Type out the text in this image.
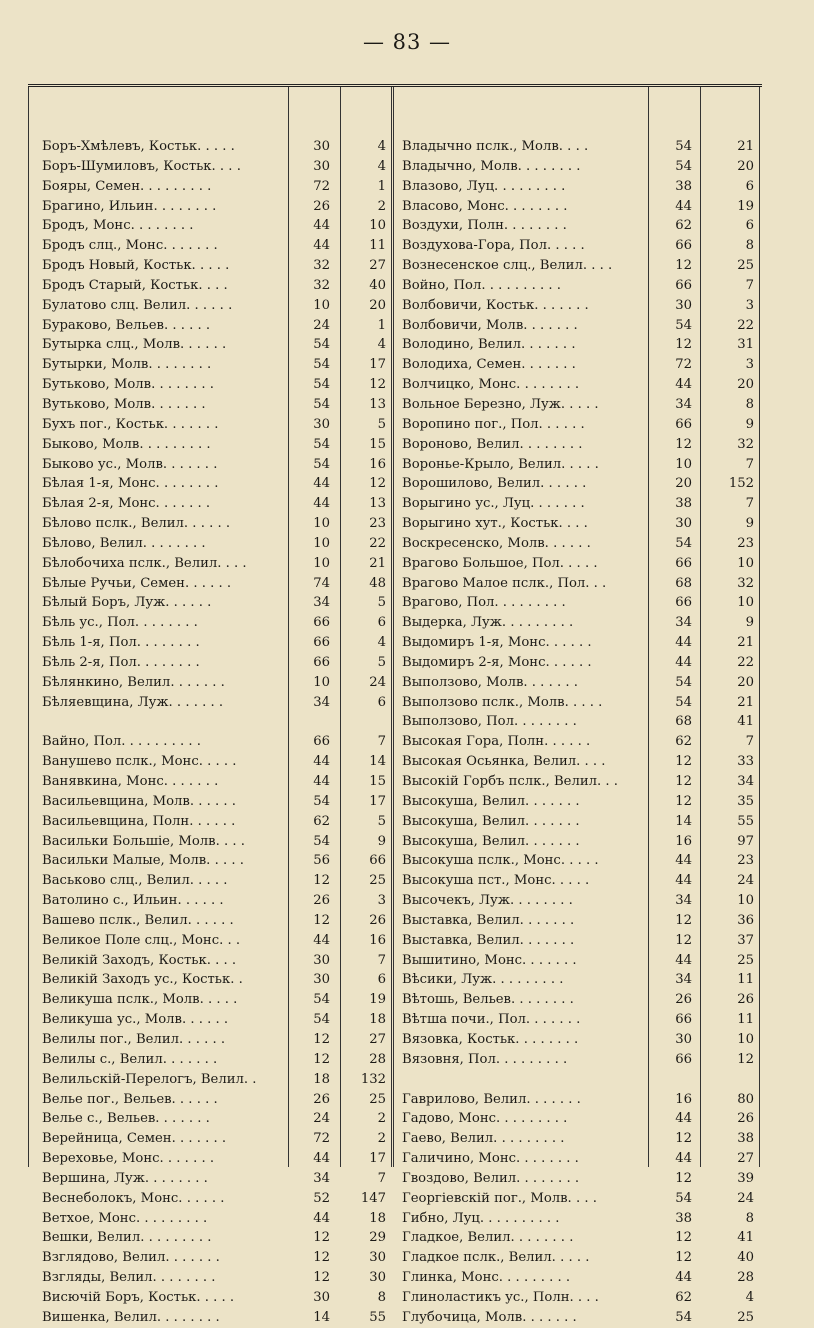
— 83 —
Боръ-Хмѣлевъ, Костьк. . . . .	30	4
Боръ-Шумиловъ, Костьк. . . .	30	4
Бояры, Семен. . . . . . . . .	72	1
Брагино, Ильин. . . . . . . .	26	2
Бродъ, Монс. . . . . . . .	44	10
Бродъ слц., Монс. . . . . . .	44	11
Бродъ Новый, Костьк. . . . .	32	27
Бродъ Старый, Костьк. . . .	32	40
Булатово слц. Велил. . . . . .	10	20
Бураково, Вельев. . . . . .	24	1
Бутырка слц., Молв. . . . . .	54	4
Бутырки, Молв. . . . . . . .	54	17
Бутьково, Молв. . . . . . . .	54	12
Вутьково, Молв. . . . . . .	54	13
Бухъ пог., Костьк. . . . . . .	30	5
Быково, Молв. . . . . . . . .	54	15
Быково ус., Молв. . . . . . .	54	16
Бѣлая 1-я, Монс. . . . . . . .	44	12
Бѣлая 2-я, Монс. . . . . . .	44	13
Бѣлово пслк., Велил. . . . . .	10	23
Бѣлово, Велил. . . . . . . .	10	22
Бѣлобочиха пслк., Велил. . . .	10	21
Бѣлые Ручьи, Семен. . . . . .	74	48
Бѣлый Боръ, Луж. . . . . .	34	5
Бѣль ус., Пол. . . . . . . .	66	6
Бѣль 1-я, Пол. . . . . . . .	66	4
Бѣль 2-я, Пол. . . . . . . .	66	5
Бѣлянкино, Велил. . . . . . .	10	24
Бѣляевщина, Луж. . . . . . .	34	6
Вайно, Пол. . . . . . . . . .	66	7
Ванушево пслк., Монс. . . . .	44	14
Ванявкина, Монс. . . . . . .	44	15
Васильевщина, Молв. . . . . .	54	17
Васильевщина, Полн. . . . . .	62	5
Васильки Большіе, Молв. . . .	54	9
Васильки Малые, Молв. . . . .	56	66
Васьково слц., Велил. . . . .	12	25
Ватолино с., Ильин. . . . . .	26	3
Вашево пслк., Велил. . . . . .	12	26
Великое Поле слц., Монс. . .	44	16
Великій Заходъ, Костьк. . . .	30	7
Великій Заходъ ус., Костьк. .	30	6
Великуша пслк., Молв. . . . .	54	19
Великуша ус., Молв. . . . . .	54	18
Велилы пог., Велил. . . . . .	12	27
Велилы с., Велил. . . . . . .	12	28
Велильскій-Перелогъ, Велил. .	18	132
Велье пог., Вельев. . . . . .	26	25
Велье с., Вельев. . . . . . .	24	2
Верейница, Семен. . . . . . .	72	2
Вереховье, Монс. . . . . . .	44	17
Вершина, Луж. . . . . . . .	34	7
Веснеболокъ, Монс. . . . . .	52	147
Ветхое, Монс. . . . . . . . .	44	18
Вешки, Велил. . . . . . . . .	12	29
Взглядово, Велил. . . . . . .	12	30
Взгляды, Велил. . . . . . . .	12	30
Висючій Боръ, Костьк. . . . .	30	8
Вишенка, Велил. . . . . . . .	14	55
Владычно пслк., Молв. . . .	54	21
Владычно, Молв. . . . . . . .	54	20
Влазово, Луц. . . . . . . . .	38	6
Власово, Монс. . . . . . . .	44	19
Воздухи, Полн. . . . . . . .	62	6
Воздухова-Гора, Пол. . . . .	66	8
Вознесенское слц., Велил. . . .	12	25
Войно, Пол. . . . . . . . . .	66	7
Волбовичи, Костьк. . . . . . .	30	3
Волбовичи, Молв. . . . . . .	54	22
Володино, Велил. . . . . . .	12	31
Володиха, Семен. . . . . . .	72	3
Волчицко, Монс. . . . . . . .	44	20
Вольное Березно, Луж. . . . .	34	8
Воропино пог., Пол. . . . . .	66	9
Вороново, Велил. . . . . . . .	12	32
Воронье-Крыло, Велил. . . . .	10	7
Ворошилово, Велил. . . . . .	20	152
Ворыгино ус., Луц. . . . . . .	38	7
Ворыгино хут., Костьк. . . .	30	9
Воскресенско, Молв. . . . . .	54	23
Врагово Большое, Пол. . . . .	66	10
Врагово Малое пслк., Пол. . .	68	32
Врагово, Пол. . . . . . . . .	66	10
Выдерка, Луж. . . . . . . . .	34	9
Выдомиръ 1-я, Монс. . . . . .	44	21
Выдомиръ 2-я, Монс. . . . . .	44	22
Выползово, Молв. . . . . . .	54	20
Выползово пслк., Молв. . . . .	54	21
Выползово, Пол. . . . . . . .	68	41
Высокая Гора, Полн. . . . . .	62	7
Высокая Осьянка, Велил. . . .	12	33
Высокій Горбъ пслк., Велил. . .	12	34
Высокуша, Велил. . . . . . .	12	35
Высокуша, Велил. . . . . . .	14	55
Высокуша, Велил. . . . . . .	16	97
Высокуша пслк., Монс. . . . .	44	23
Высокуша пст., Монс. . . . .	44	24
Высочекъ, Луж. . . . . . . .	34	10
Выставка, Велил. . . . . . .	12	36
Выставка, Велил. . . . . . .	12	37
Вышитино, Монс. . . . . . .	44	25
Вѣсики, Луж. . . . . . . . .	34	11
Вѣтошь, Вельев. . . . . . . .	26	26
Вѣтша почи., Пол. . . . . . .	66	11
Вязовка, Костьк. . . . . . . .	30	10
Вязовня, Пол. . . . . . . . .	66	12
Гаврилово, Велил. . . . . . .	16	80
Гадово, Монс. . . . . . . . .	44	26
Гаево, Велил. . . . . . . . .	12	38
Галичино, Монс. . . . . . . .	44	27
Гвоздово, Велил. . . . . . . .	12	39
Георгіевскій пог., Молв. . . .	54	24
Гибно, Луц. . . . . . . . . .	38	8
Гладкое, Велил. . . . . . . .	12	41
Гладкое пслк., Велил. . . . .	12	40
Глинка, Монс. . . . . . . . .	44	28
Глиноластикъ ус., Полн. . . .	62	4
Глубочица, Молв. . . . . . .	54	25
